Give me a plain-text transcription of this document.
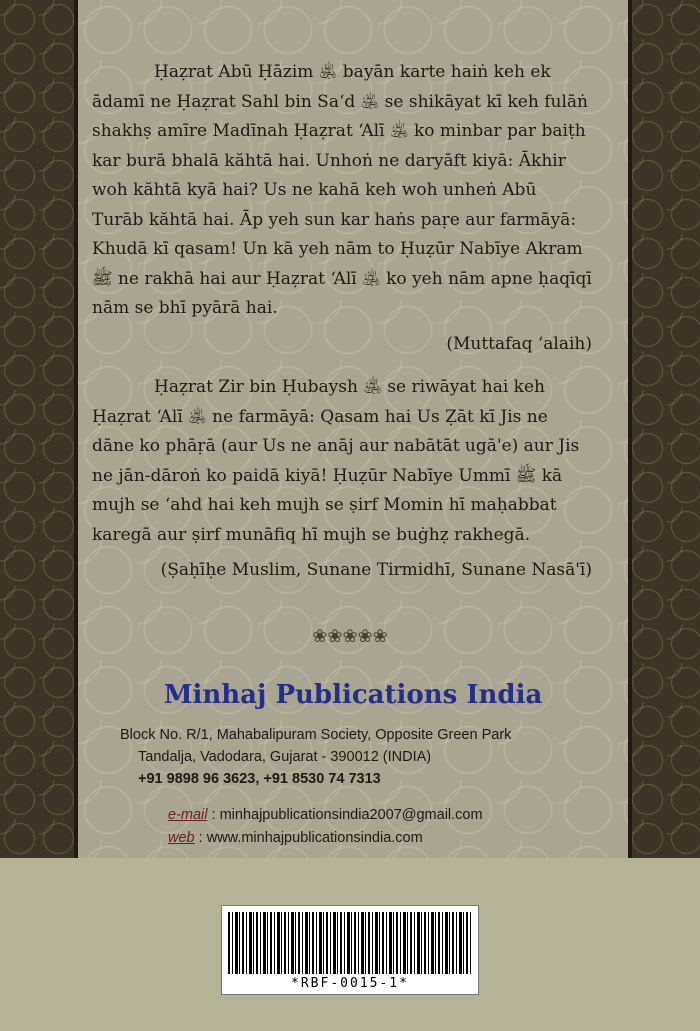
Ḥaẓrat Abū Ḥāzim ﵁ bayān karte haiṅ keh ek ādamī ne Ḥaẓrat Sahl bin Sa‘d ﵁ se shikāyat kī keh fulāṅ shakhṣ amīre Madīnah Ḥaẓrat ‘Alī ﵁ ko minbar par baiṭh kar burā bhalā kăhtā hai. Unhoṅ ne daryāft kiyā: Ākhir woh kăhtā kyā hai? Us ne kahā keh woh unheṅ Abū Turāb kăhtā hai. Āp yeh sun kar haṅs paṛe aur farmāyā: Khudā kī qasam! Un kā yeh nām to Ḥuẓūr Nabīye Akram ﷺ ne rakhā hai aur Ḥaẓrat ‘Alī ﵁ ko yeh nām apne ḥaqīqī nām se bhī pyārā hai.

(Muttafaq ‘alaih)

Ḥaẓrat Zir bin Ḥubaysh ﵁ se riwāyat hai keh Ḥaẓrat ‘Alī ﵁ ne farmāyā: Qasam hai Us Ẓāt kī Jis ne dāne ko phāṛā (aur Us ne anāj aur nabātāt ugā'e) aur Jis ne jān-dāroṅ ko paidā kiyā! Ḥuẓūr Nabīye Ummī ﷺ kā mujh se ‘ahd hai keh mujh se ṣirf Momin hī maḥabbat karegā aur ṣirf munāfiq hī mujh se buġhẓ rakhegā.

(Ṣaḥīḥe Muslim, Sunane Tirmidhī, Sunane Nasā'ī)

❀❀❀❀❀
Minhaj Publications India
Block No. R/1, Mahabalipuram Society, Opposite Green Park
Tandalja, Vadodara, Gujarat - 390012 (INDIA)
+91 9898 96 3623, +91 8530 74 7313
e-mail : minhajpublicationsindia2007@gmail.com
web : www.minhajpublicationsindia.com
*RBF-0015-1*
